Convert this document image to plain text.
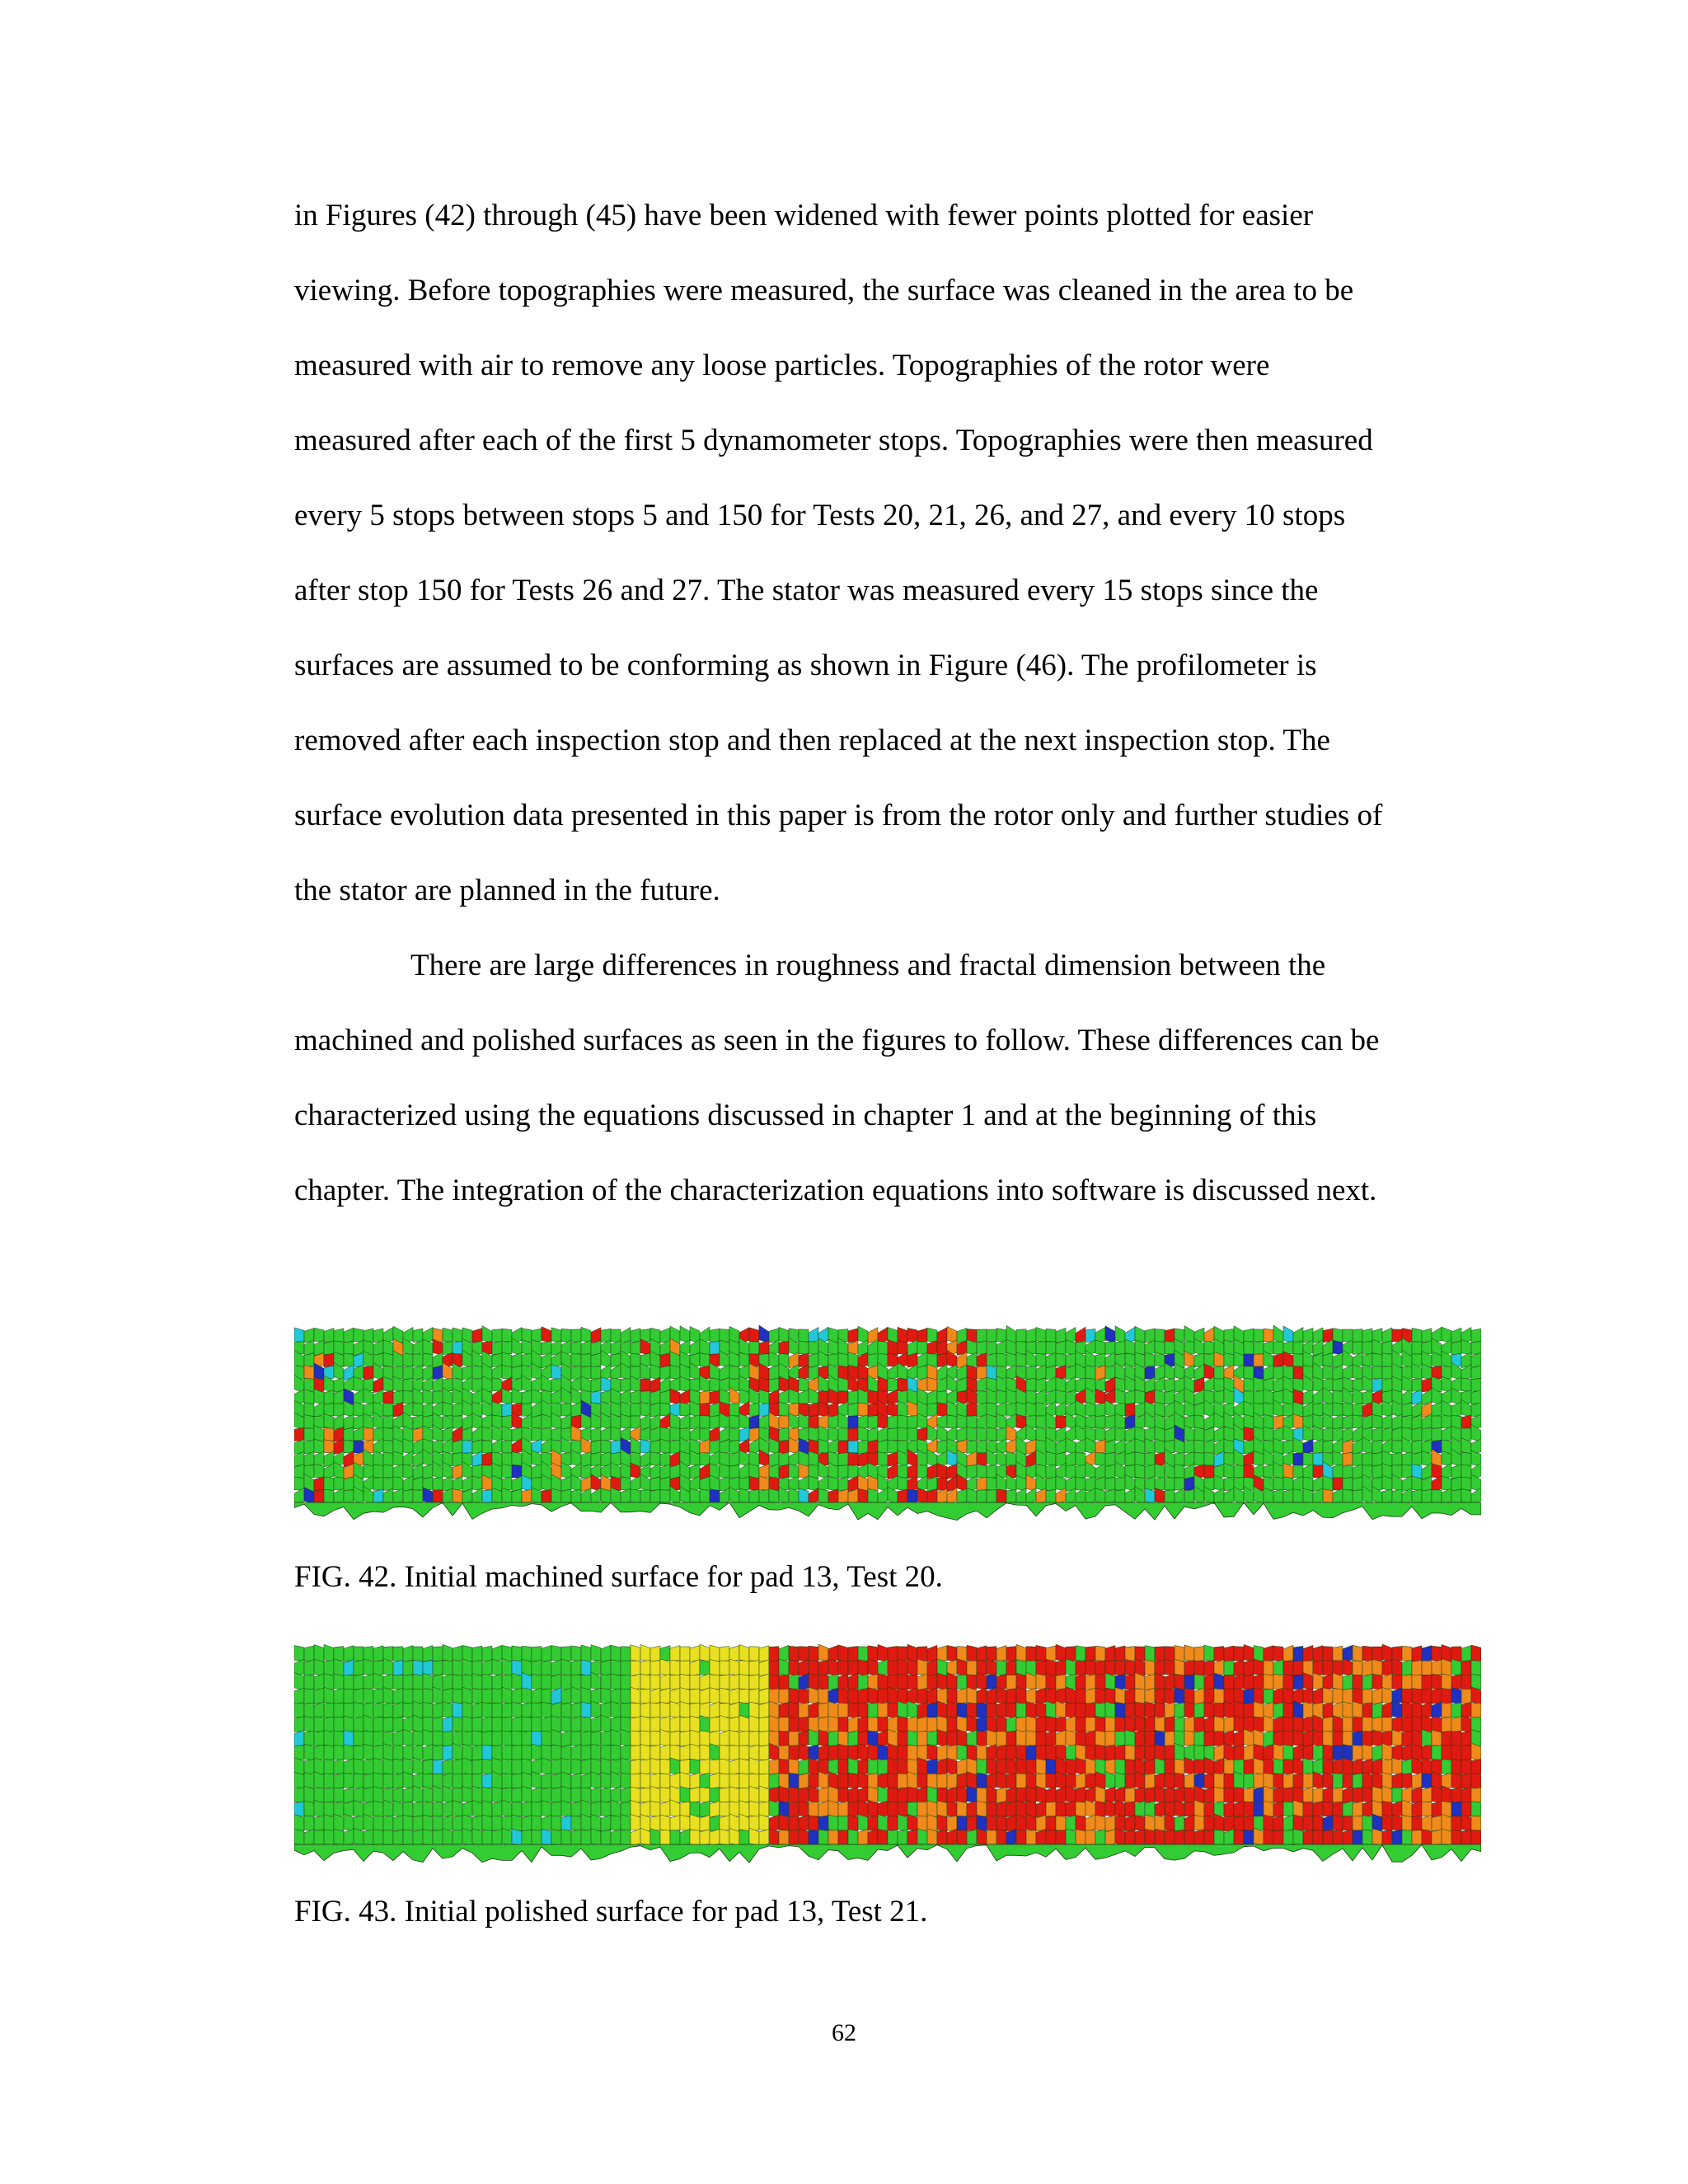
in Figures (42) through (45) have been widened with fewer points plotted for easier
viewing. Before topographies were measured, the surface was cleaned in the area to be
measured with air to remove any loose particles. Topographies of the rotor were
measured after each of the first 5 dynamometer stops. Topographies were then measured
every 5 stops between stops 5 and 150 for Tests 20, 21, 26, and 27, and every 10 stops
after stop 150 for Tests 26 and 27. The stator was measured every 15 stops since the
surfaces are assumed to be conforming as shown in Figure (46). The profilometer is
removed after each inspection stop and then replaced at the next inspection stop. The
surface evolution data presented in this paper is from the rotor only and further studies of
the stator are planned in the future.
There are large differences in roughness and fractal dimension between the
machined and polished surfaces as seen in the figures to follow. These differences can be
characterized using the equations discussed in chapter 1 and at the beginning of this
chapter. The integration of the characterization equations into software is discussed next.

FIG. 42. Initial machined surface for pad 13, Test 20.

FIG. 43. Initial polished surface for pad 13, Test 21.

62
